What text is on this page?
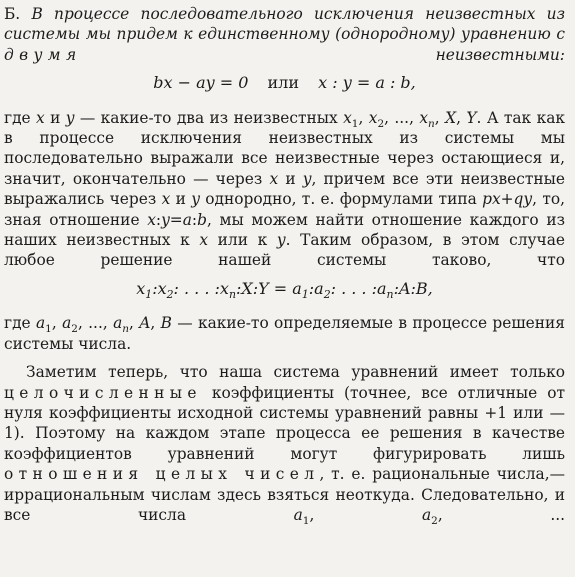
Б. В процессе последовательного исключения неизвестных из системы мы придем к единственному (однородному) уравнению с двумя неизвестными:

bx − ay = 0 или x : y = a : b,

где x и y — какие-то два из неизвестных $x_1$, $x_2$, ..., $x_n$, X, Y. А так как в процессе исключения неизвестных из системы мы последовательно выражали все неизвестные через остающиеся и, значит, окончательно — через x и y, причем все эти неизвестные выражались через x и y однородно, т. е. формулами типа px+qy, то, зная отношение x:y=a:b, мы можем найти отношение каждого из наших неизвестных к x или к y. Таким образом, в этом случае любое решение нашей системы таково, что

$x_1:x_2$: . . . $:x_n:X:Y$ = $a_1:a_2$: . . . $:a_n:A:B$,

где $a_1$, $a_2$, ..., $a_n$, A, B — какие-то определяемые в процессе решения системы числа.

Заметим теперь, что наша система уравнений имеет только целочисленные коэффициенты (точнее, все отличные от нуля коэффициенты исходной системы уравнений равны +1 или —1). Поэтому на каждом этапе процесса ее решения в качестве коэффициентов уравнений могут фигурировать лишь отношения целых чисел, т. е. рациональные числа,— иррациональным числам здесь взяться неоткуда. Следовательно, и все числа $a_1$, $a_2$, ...
